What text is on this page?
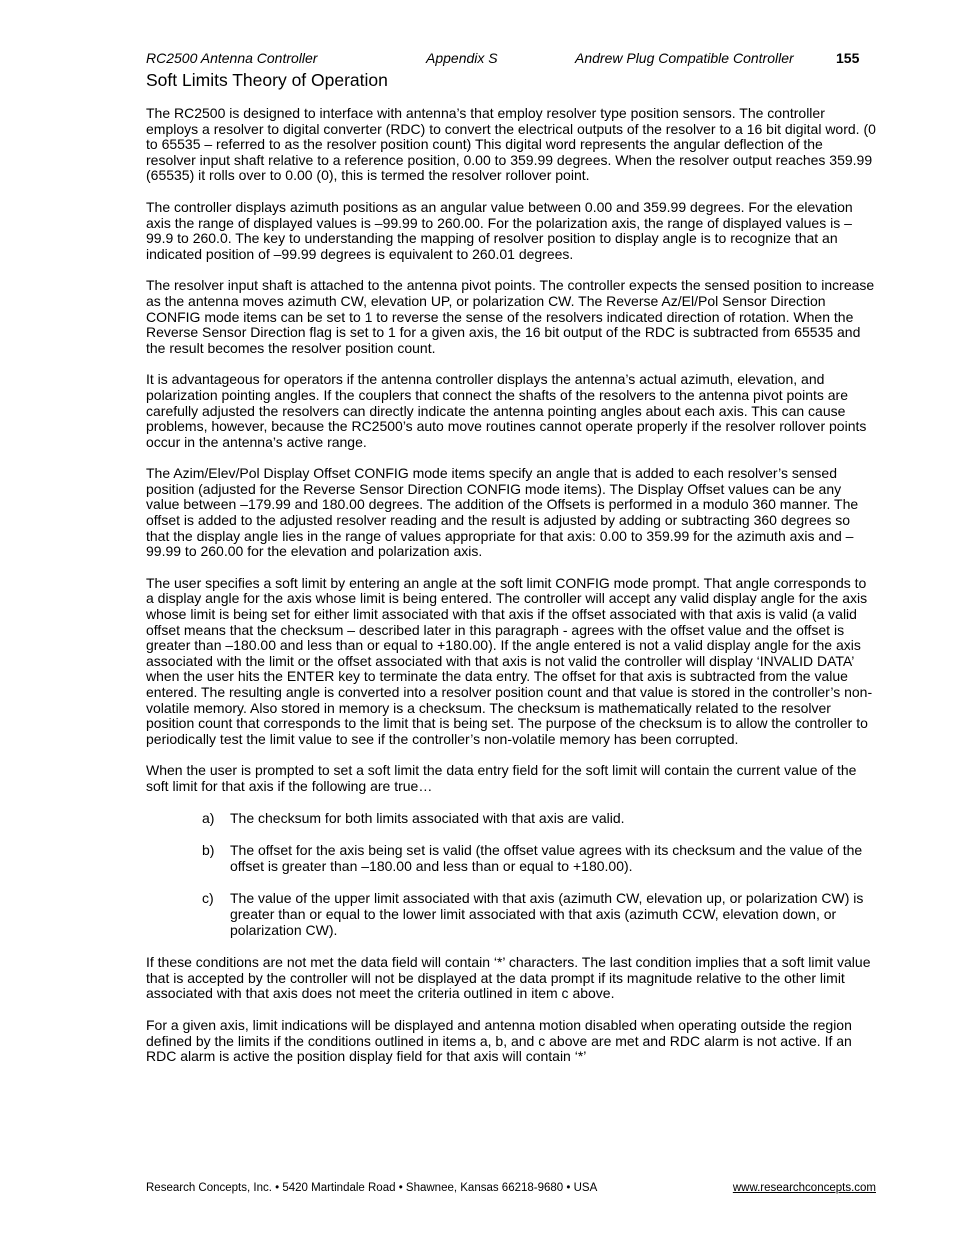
RC2500 Antenna Controller	Appendix S	Andrew Plug Compatible Controller	155
Soft Limits Theory of Operation

The RC2500 is designed to interface with antenna’s that employ resolver type position sensors. The controller employs a resolver to digital converter (RDC) to convert the electrical outputs of the resolver to a 16 bit digital word. (0 to 65535 – referred to as the resolver position count) This digital word represents the angular deflection of the resolver input shaft relative to a reference position, 0.00 to 359.99 degrees. When the resolver output reaches 359.99 (65535) it rolls over to 0.00 (0), this is termed the resolver rollover point.

The controller displays azimuth positions as an angular value between 0.00 and 359.99 degrees. For the elevation axis the range of displayed values is –99.99 to 260.00. For the polarization axis, the range of displayed values is –99.9 to 260.0. The key to understanding the mapping of resolver position to display angle is to recognize that an indicated position of –99.99 degrees is equivalent to 260.01 degrees.

The resolver input shaft is attached to the antenna pivot points. The controller expects the sensed position to increase as the antenna moves azimuth CW, elevation UP, or polarization CW. The Reverse Az/El/Pol Sensor Direction CONFIG mode items can be set to 1 to reverse the sense of the resolvers indicated direction of rotation. When the Reverse Sensor Direction flag is set to 1 for a given axis, the 16 bit output of the RDC is subtracted from 65535 and the result becomes the resolver position count.

It is advantageous for operators if the antenna controller displays the antenna’s actual azimuth, elevation, and polarization pointing angles. If the couplers that connect the shafts of the resolvers to the antenna pivot points are carefully adjusted the resolvers can directly indicate the antenna pointing angles about each axis. This can cause problems, however, because the RC2500’s auto move routines cannot operate properly if the resolver rollover points occur in the antenna’s active range.

The Azim/Elev/Pol Display Offset CONFIG mode items specify an angle that is added to each resolver’s sensed position (adjusted for the Reverse Sensor Direction CONFIG mode items). The Display Offset values can be any value between –179.99 and 180.00 degrees. The addition of the Offsets is performed in a modulo 360 manner. The offset is added to the adjusted resolver reading and the result is adjusted by adding or subtracting 360 degrees so that the display angle lies in the range of values appropriate for that axis: 0.00 to 359.99 for the azimuth axis and –99.99 to 260.00 for the elevation and polarization axis.

The user specifies a soft limit by entering an angle at the soft limit CONFIG mode prompt. That angle corresponds to a display angle for the axis whose limit is being entered. The controller will accept any valid display angle for the axis whose limit is being set for either limit associated with that axis if the offset associated with that axis is valid (a valid offset means that the checksum – described later in this paragraph - agrees with the offset value and the offset is greater than –180.00 and less than or equal to +180.00). If the angle entered is not a valid display angle for the axis associated with the limit or the offset associated with that axis is not valid the controller will display ‘INVALID DATA’ when the user hits the ENTER key to terminate the data entry. The offset for that axis is subtracted from the value entered. The resulting angle is converted into a resolver position count and that value is stored in the controller’s non-volatile memory. Also stored in memory is a checksum. The checksum is mathematically related to the resolver position count that corresponds to the limit that is being set. The purpose of the checksum is to allow the controller to periodically test the limit value to see if the controller’s non-volatile memory has been corrupted.

When the user is prompted to set a soft limit the data entry field for the soft limit will contain the current value of the soft limit for that axis if the following are true…

a) The checksum for both limits associated with that axis are valid.
b) The offset for the axis being set is valid (the offset value agrees with its checksum and the value of the offset is greater than –180.00 and less than or equal to +180.00).
c) The value of the upper limit associated with that axis (azimuth CW, elevation up, or polarization CW) is greater than or equal to the lower limit associated with that axis (azimuth CCW, elevation down, or polarization CW).

If these conditions are not met the data field will contain ‘*’ characters. The last condition implies that a soft limit value that is accepted by the controller will not be displayed at the data prompt if its magnitude relative to the other limit associated with that axis does not meet the criteria outlined in item c above.

For a given axis, limit indications will be displayed and antenna motion disabled when operating outside the region defined by the limits if the conditions outlined in items a, b, and c above are met and RDC alarm is not active. If an RDC alarm is active the position display field for that axis will contain ‘*’

Research Concepts, Inc. • 5420 Martindale Road • Shawnee, Kansas 66218-9680 • USA	www.researchconcepts.com
